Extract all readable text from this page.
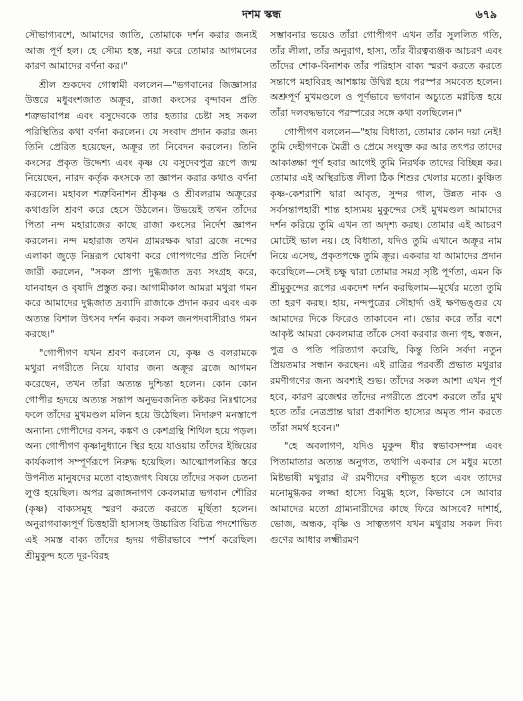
দশম স্কন্ধ	৬৭৯

সৌভাগ্যবশে, আমাদের জাতি, তোমাকে দর্শন করার জন্যই আজ পূর্ণ হল। হে সৌম্য হস্ত, নয়া করে তোমার আগমনের কারণ আমাদের বর্ণনা কর।"

শ্রীল শুকদেব গোস্বামী বললেন—"ভগবানের জিজ্ঞাসার উত্তরে মধুবংশজাত অক্রূর, রাজা কংসের বৃন্দাবন প্রতি শত্রুভাবাপন্ন এবং বসুদেবকে তার হত্যার চেষ্টা সহ সকল পরিস্থিতির কথা বর্ণনা করলেন। যে সংবাদ প্রদান করার জন্য তিনি প্রেরিত হয়েছেন, অক্রূর তা নিবেদন করলেন। তিনি কংসের প্রকৃত উদ্দেশ্য এবং কৃষ্ণ যে বসুদেবপুত্র রূপে জন্ম নিয়েছেন, নারদ কর্তৃক কংসকে তা জ্ঞাপন করার কথাও বর্ণনা করলেন। মহাবল শত্রুবিনাশন শ্রীকৃষ্ণ ও শ্রীবলরাম অক্রূরের কথাগুলি শ্রবণ করে হেসে উঠলেন। উভয়েই তখন তাঁদের পিতা নন্দ মহারাজের কাছে রাজা কংসের নির্দেশ জ্ঞাপন করলেন। নন্দ মহারাজ তখন গ্রামরক্ষক দ্বারা ব্রজে নন্দের এলাকা জুড়ে নিম্নরূপ ঘোষণা করে গোপগণের প্রতি নির্দেশ জারী করলেন, "সকল প্রাপ্য দুগ্ধজাত দ্রব্য সংগ্রহ করে, যানবাহন ও বৃষাদি প্রস্তুত কর। আগামীকাল আমরা মথুরা গমন করে আমাদের দুগ্ধজাত দ্রব্যাদি রাজাকে প্রদান করব এবং এক অত্যন্ত বিশাল উৎসব দর্শন করব। সকল জনপদবাসীরাও গমন করছে।"

"গোপীগণ যখন শ্রবণ করলেন যে, কৃষ্ণ ও বলরামকে মথুরা নগরীতে নিয়ে যাবার জন্য অক্রূর ব্রজে আগমন করেছেন, তখন তাঁরা অত্যন্ত দুশ্চিন্তা হলেন। কোন কোন গোপীর হৃদয়ে অত্যন্ত সন্তাপ অনুভবজনিত কষ্টকর নিঃশ্বাসের ফলে তাঁদের মুখমণ্ডল মলিন হয়ে উঠেছিল। নিদারুণ মনস্তাপে অন্যান্য গোপীদের বসন, কঙ্কণ ও কেশগ্রন্থি শিথিল হয়ে পড়ল। অন্য গোপীগণ কৃষ্ণানুধ্যানে স্থির হয়ে যাওয়ায় তাঁদের ইন্দ্রিয়ের কার্যকলাপ সম্পূর্ণরূপে নিরুদ্ধ হয়েছিল। আত্মোপলব্ধির স্তরে উপনীত মানুষদের মতো বাহ্যজগৎ বিষয়ে তাঁদের সকল চেতনা লুপ্ত হয়েছিল। অপর ব্রজাঙ্গনাগণ কেবলমাত্র ভগবান শৌরির (কৃষ্ণ) বাক্যসমূহ স্মরণ করতে করতে মূর্ছিতা হলেন। অনুরাগবাক্যপূর্ণ চিত্তহারী হাস্যসহ উচ্চারিত বিচিত্র পদশোভিত এই সমস্ত বাক্য তাঁদের হৃদয় গভীরভাবে স্পর্শ করেছিল। শ্রীমুকুন্দ হতে দূর-বিরহ

সম্ভাবনার ভয়েও তাঁরা গোপীগণ এখন তাঁর সুললিত গতি, তাঁর লীলা, তাঁর অনুরাগ, হাস্য, তাঁর বীরত্বব্যঞ্জক আচরণ এবং তাঁদের শোক-বিনাশক তাঁর পরিহাস বাক্য স্মরণ করতে করতে সন্তাপে মহাবিরহ আশঙ্কায় উদ্বিগ্ন হয়ে পরস্পর সমবেত হলেন। অশ্রুপূর্ণ মুখমণ্ডলে ও পূর্ণভাবে ভগবান অচ্যুতে মগ্নচিত্ত হয়ে তাঁরা দলবদ্ধভাবে পরস্পরের সঙ্গে কথা বলছিলেন।"

গোপীগণ বললেন—"হায় বিধাতা, তোমার কোন দয়া নেই! তুমি দেহীগণকে মৈত্রী ও প্রেমে সংযুক্ত কর আর তৎপর তাদের আকাঙ্ক্ষা পূর্ণ হবার আগেই তুমি নিরর্থক তাদের বিচ্ছিন্ন কর। তোমার এই অস্থিরচিত্ত লীলা ঠিক শিশুর খেলার মতো। কুঞ্চিত কৃষ্ণ-কেশরাশি দ্বারা আবৃত, সুন্দর গাল, উন্নত নাক ও সর্বসন্তাপহারী শান্ত হাস্যময় মুকুন্দের সেই মুখমণ্ডল আমাদের দর্শন করিয়ে তুমি এখন তা অদৃশ্য করছ। তোমার এই আচরণ মোটেই ভাল নয়। হে বিধাতা, যদিও তুমি এখানে অক্রূর নাম নিয়ে এসেছ, প্রকৃতপক্ষে তুমি ক্রূর। একবার যা আমাদের প্রদান করেছিলে—সেই চক্ষু দ্বারা তোমার সমগ্র সৃষ্টি পূর্ণতা, এমন কি শ্রীমুকুন্দের রূপের একদেশ দর্শন করছিলাম—মূর্খের মতো তুমি তা হরণ করছ। হায়, নন্দপুত্রের সৌহার্দ্য ওই ক্ষণভঙ্গুর যে আমাদের দিকে ফিরেও তাকাবেন না। ভোর করে তাঁর বশে আকৃষ্ট আমরা কেবলমাত্র তাঁকে সেবা করবার জন্য গৃহ, স্বজন, পুত্র ও পতি পরিত্যাগ করেছি, কিন্তু তিনি সর্বদা নতুন প্রিয়তমার সন্ধান করছেন। এই রাত্রির পরবর্তী প্রভাত মথুরার রমণীগণের জন্য অবশ্যই শুভ। তাঁদের সকল আশা এখন পূর্ণ হবে, কারণ ব্রজেশ্বর তাঁদের নগরীতে প্রবেশ করলে তাঁর মুখ হতে তাঁর নেত্রপ্রান্ত দ্বারা প্রকাশিত হাস্যের অমৃত পান করতে তাঁরা সমর্থ হবেন।"

"হে অবলাগণ, যদিও মুকুন্দ ধীর স্বভাবসম্পন্ন এবং পিতামাতার অত্যন্ত অনুগত, তথাপি একবার সে মধুর মতো মিষ্টভাষী মথুরার ঐ রমণীদের বশীভূত হলে এবং তাদের মনোমুগ্ধকর লজ্জা হাস্যে বিমুগ্ধ হলে, কিভাবে সে আবার আমাদের মতো গ্রাম্যনারীদের কাছে ফিরে আসবে? দাশার্হ, ভোজ, অন্ধক, বৃষ্ণি ও সাত্বতগণ যখন মথুরায় সকল দিব্য গুণের আধার লক্ষ্মীরমণ
